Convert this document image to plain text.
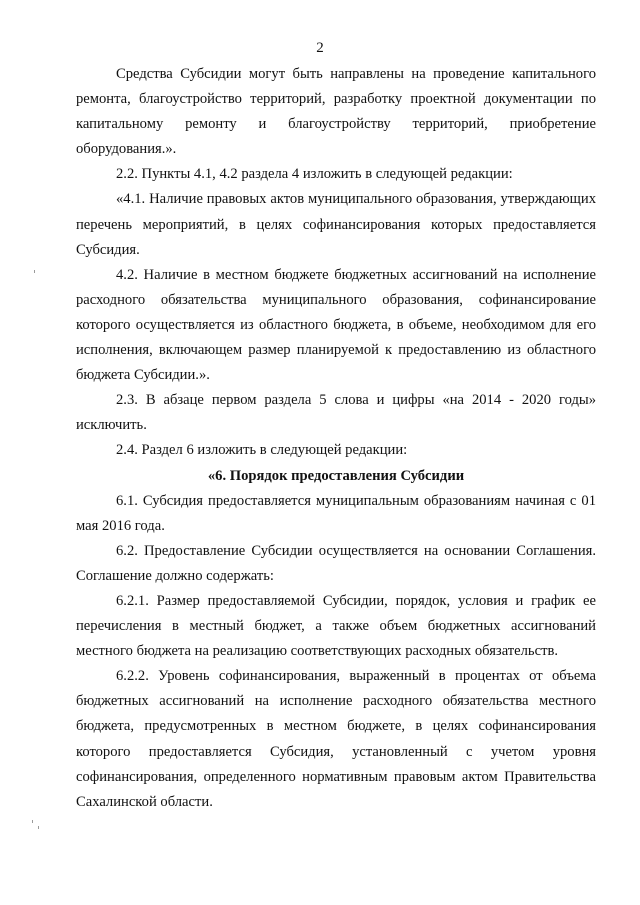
2

Средства Субсидии могут быть направлены на проведение капитального ремонта, благоустройство территорий, разработку проектной документации по капитальному ремонту и благоустройству территорий, приобретение оборудования.».

2.2. Пункты 4.1, 4.2 раздела 4 изложить в следующей редакции:

«4.1. Наличие правовых актов муниципального образования, утверждающих перечень мероприятий, в целях софинансирования которых предоставляется Субсидия.

4.2. Наличие в местном бюджете бюджетных ассигнований на исполнение расходного обязательства муниципального образования, софинансирование которого осуществляется из областного бюджета, в объеме, необходимом для его исполнения, включающем размер планируемой к предоставлению из областного бюджета Субсидии.».

2.3. В абзаце первом раздела 5 слова и цифры «на 2014 - 2020 годы» исключить.

2.4. Раздел 6 изложить в следующей редакции:

«6. Порядок предоставления Субсидии

6.1. Субсидия предоставляется муниципальным образованиям начиная с 01 мая 2016 года.

6.2. Предоставление Субсидии осуществляется на основании Соглашения. Соглашение должно содержать:

6.2.1. Размер предоставляемой Субсидии, порядок, условия и график ее перечисления в местный бюджет, а также объем бюджетных ассигнований местного бюджета на реализацию соответствующих расходных обязательств.

6.2.2. Уровень софинансирования, выраженный в процентах от объема бюджетных ассигнований на исполнение расходного обязательства местного бюджета, предусмотренных в местном бюджете, в целях софинансирования которого предоставляется Субсидия, установленный с учетом уровня софинансирования, определенного нормативным правовым актом Правительства Сахалинской области.
